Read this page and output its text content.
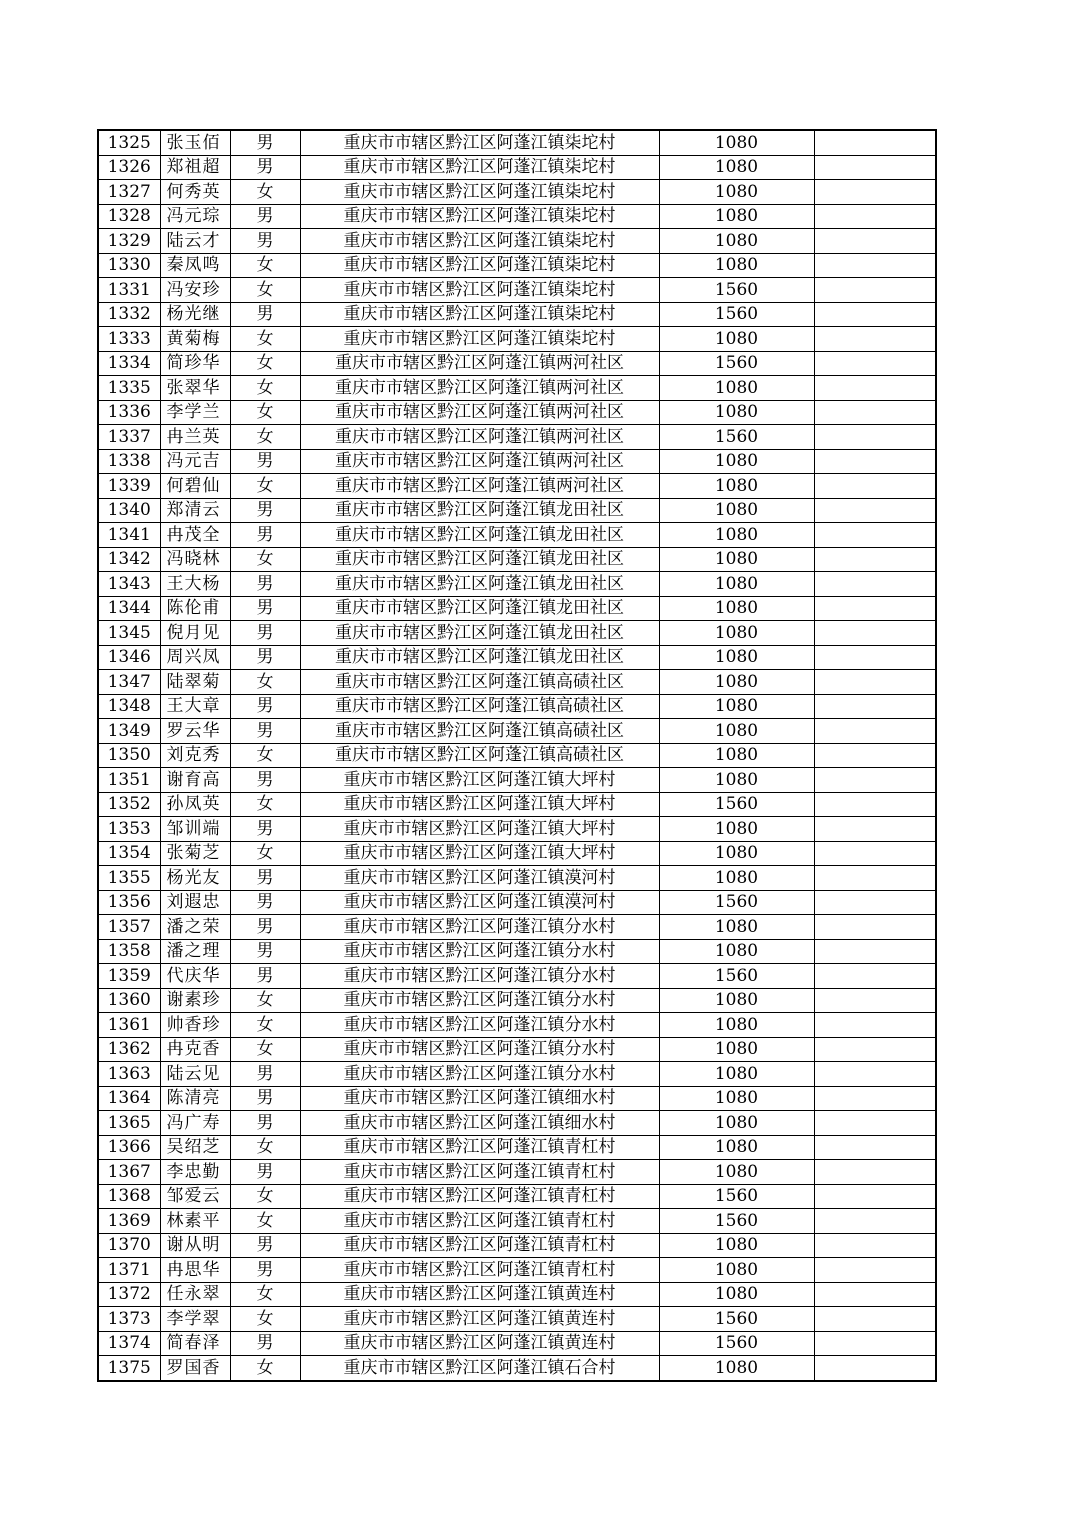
1325	张玉佰	男	重庆市市辖区黔江区阿蓬江镇柒坨村	1080	
1326	郑祖超	男	重庆市市辖区黔江区阿蓬江镇柒坨村	1080	
1327	何秀英	女	重庆市市辖区黔江区阿蓬江镇柒坨村	1080	
1328	冯元琮	男	重庆市市辖区黔江区阿蓬江镇柒坨村	1080	
1329	陆云才	男	重庆市市辖区黔江区阿蓬江镇柒坨村	1080	
1330	秦凤鸣	女	重庆市市辖区黔江区阿蓬江镇柒坨村	1080	
1331	冯安珍	女	重庆市市辖区黔江区阿蓬江镇柒坨村	1560	
1332	杨光继	男	重庆市市辖区黔江区阿蓬江镇柒坨村	1560	
1333	黄菊梅	女	重庆市市辖区黔江区阿蓬江镇柒坨村	1080	
1334	简珍华	女	重庆市市辖区黔江区阿蓬江镇两河社区	1560	
1335	张翠华	女	重庆市市辖区黔江区阿蓬江镇两河社区	1080	
1336	李学兰	女	重庆市市辖区黔江区阿蓬江镇两河社区	1080	
1337	冉兰英	女	重庆市市辖区黔江区阿蓬江镇两河社区	1560	
1338	冯元吉	男	重庆市市辖区黔江区阿蓬江镇两河社区	1080	
1339	何碧仙	女	重庆市市辖区黔江区阿蓬江镇两河社区	1080	
1340	郑清云	男	重庆市市辖区黔江区阿蓬江镇龙田社区	1080	
1341	冉茂全	男	重庆市市辖区黔江区阿蓬江镇龙田社区	1080	
1342	冯晓林	女	重庆市市辖区黔江区阿蓬江镇龙田社区	1080	
1343	王大杨	男	重庆市市辖区黔江区阿蓬江镇龙田社区	1080	
1344	陈伦甫	男	重庆市市辖区黔江区阿蓬江镇龙田社区	1080	
1345	倪月见	男	重庆市市辖区黔江区阿蓬江镇龙田社区	1080	
1346	周兴凤	男	重庆市市辖区黔江区阿蓬江镇龙田社区	1080	
1347	陆翠菊	女	重庆市市辖区黔江区阿蓬江镇高碛社区	1080	
1348	王大章	男	重庆市市辖区黔江区阿蓬江镇高碛社区	1080	
1349	罗云华	男	重庆市市辖区黔江区阿蓬江镇高碛社区	1080	
1350	刘克秀	女	重庆市市辖区黔江区阿蓬江镇高碛社区	1080	
1351	谢育高	男	重庆市市辖区黔江区阿蓬江镇大坪村	1080	
1352	孙凤英	女	重庆市市辖区黔江区阿蓬江镇大坪村	1560	
1353	邹训端	男	重庆市市辖区黔江区阿蓬江镇大坪村	1080	
1354	张菊芝	女	重庆市市辖区黔江区阿蓬江镇大坪村	1080	
1355	杨光友	男	重庆市市辖区黔江区阿蓬江镇漠河村	1080	
1356	刘遐忠	男	重庆市市辖区黔江区阿蓬江镇漠河村	1560	
1357	潘之荣	男	重庆市市辖区黔江区阿蓬江镇分水村	1080	
1358	潘之理	男	重庆市市辖区黔江区阿蓬江镇分水村	1080	
1359	代庆华	男	重庆市市辖区黔江区阿蓬江镇分水村	1560	
1360	谢素珍	女	重庆市市辖区黔江区阿蓬江镇分水村	1080	
1361	帅香珍	女	重庆市市辖区黔江区阿蓬江镇分水村	1080	
1362	冉克香	女	重庆市市辖区黔江区阿蓬江镇分水村	1080	
1363	陆云见	男	重庆市市辖区黔江区阿蓬江镇分水村	1080	
1364	陈清亮	男	重庆市市辖区黔江区阿蓬江镇细水村	1080	
1365	冯广寿	男	重庆市市辖区黔江区阿蓬江镇细水村	1080	
1366	吴绍芝	女	重庆市市辖区黔江区阿蓬江镇青杠村	1080	
1367	李忠勤	男	重庆市市辖区黔江区阿蓬江镇青杠村	1080	
1368	邹爱云	女	重庆市市辖区黔江区阿蓬江镇青杠村	1560	
1369	林素平	女	重庆市市辖区黔江区阿蓬江镇青杠村	1560	
1370	谢从明	男	重庆市市辖区黔江区阿蓬江镇青杠村	1080	
1371	冉思华	男	重庆市市辖区黔江区阿蓬江镇青杠村	1080	
1372	任永翠	女	重庆市市辖区黔江区阿蓬江镇黄连村	1080	
1373	李学翠	女	重庆市市辖区黔江区阿蓬江镇黄连村	1560	
1374	简春泽	男	重庆市市辖区黔江区阿蓬江镇黄连村	1560	
1375	罗国香	女	重庆市市辖区黔江区阿蓬江镇石合村	1080	
